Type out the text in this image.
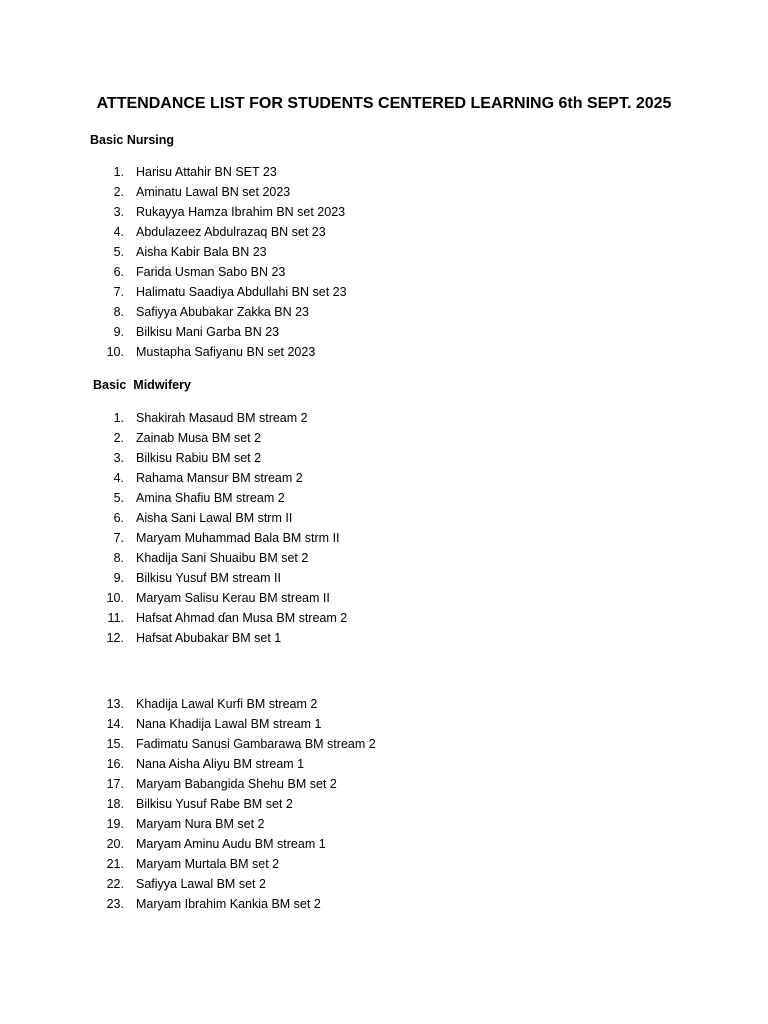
ATTENDANCE LIST FOR STUDENTS CENTERED LEARNING 6th SEPT. 2025
Basic Nursing
1. Harisu Attahir BN SET 23
2. Aminatu Lawal BN set 2023
3. Rukayya Hamza Ibrahim BN set 2023
4. Abdulazeez Abdulrazaq BN set 23
5. Aisha Kabir Bala BN 23
6. Farida Usman Sabo BN 23
7. Halimatu Saadiya Abdullahi BN set 23
8. Safiyya Abubakar Zakka BN 23
9. Bilkisu Mani Garba BN 23
10. Mustapha Safiyanu BN set 2023
Basic  Midwifery
1. Shakirah Masaud BM stream 2
2. Zainab Musa BM set 2
3. Bilkisu Rabiu BM set 2
4. Rahama Mansur BM stream 2
5. Amina Shafiu BM stream 2
6. Aisha Sani Lawal BM strm II
7. Maryam Muhammad Bala BM strm II
8. Khadija Sani Shuaibu BM set 2
9. Bilkisu Yusuf BM stream II
10. Maryam Salisu Kerau BM stream II
11. Hafsat Ahmad ɗan Musa BM stream 2
12. Hafsat Abubakar BM set 1
13. Khadija Lawal Kurfi BM stream 2
14. Nana Khadija Lawal BM stream 1
15. Fadimatu Sanusi Gambarawa BM stream 2
16. Nana Aisha Aliyu BM stream 1
17. Maryam Babangida Shehu BM set 2
18. Bilkisu Yusuf Rabe BM set 2
19. Maryam Nura BM set 2
20. Maryam Aminu Audu BM stream 1
21. Maryam Murtala BM set 2
22. Safiyya Lawal BM set 2
23. Maryam Ibrahim Kankia BM set 2
